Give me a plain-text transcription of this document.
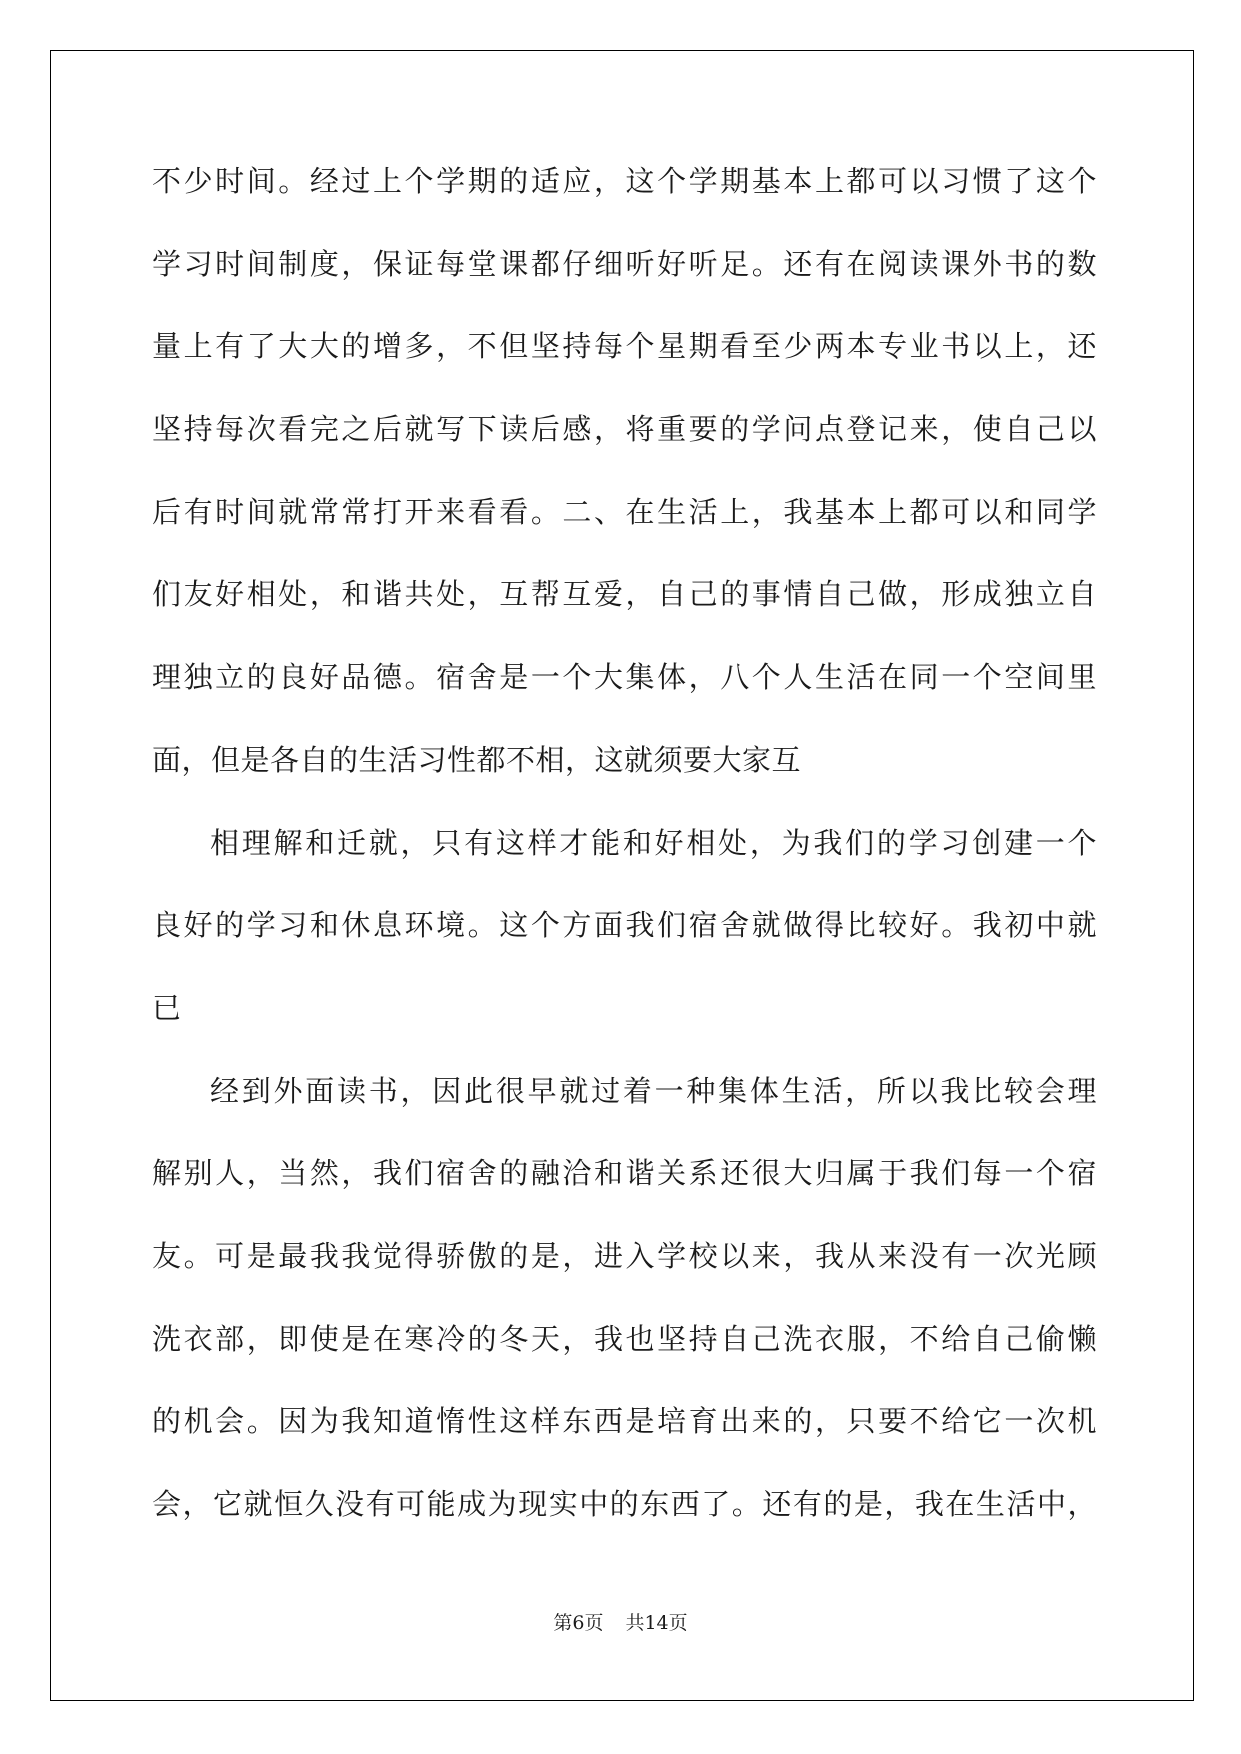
不少时间。经过上个学期的适应，这个学期基本上都可以习惯了这个
学习时间制度，保证每堂课都仔细听好听足。还有在阅读课外书的数
量上有了大大的增多，不但坚持每个星期看至少两本专业书以上，还
坚持每次看完之后就写下读后感，将重要的学问点登记来，使自己以
后有时间就常常打开来看看。二、在生活上，我基本上都可以和同学
们友好相处，和谐共处，互帮互爱，自己的事情自己做，形成独立自
理独立的良好品德。宿舍是一个大集体，八个人生活在同一个空间里
面，但是各自的生活习性都不相，这就须要大家互
相理解和迁就，只有这样才能和好相处，为我们的学习创建一个
良好的学习和休息环境。这个方面我们宿舍就做得比较好。我初中就
已
经到外面读书，因此很早就过着一种集体生活，所以我比较会理
解别人，当然，我们宿舍的融洽和谐关系还很大归属于我们每一个宿
友。可是最我我觉得骄傲的是，进入学校以来，我从来没有一次光顾
洗衣部，即使是在寒冷的冬天，我也坚持自己洗衣服，不给自己偷懒
的机会。因为我知道惰性这样东西是培育出来的，只要不给它一次机
会，它就恒久没有可能成为现实中的东西了。还有的是，我在生活中，
第6页 共14页
